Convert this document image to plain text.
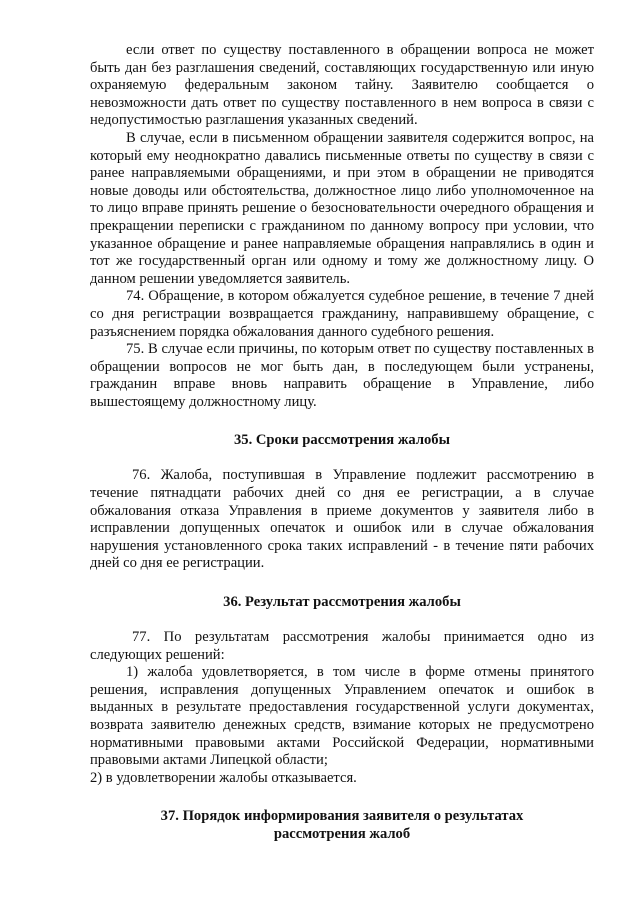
если ответ по существу поставленного в обращении вопроса не может быть дан без разглашения сведений, составляющих государственную или иную охраняемую федеральным законом тайну. Заявителю сообщается о невозможности дать ответ по существу поставленного в нем вопроса в связи с недопустимостью разглашения указанных сведений.

В случае, если в письменном обращении заявителя содержится вопрос, на который ему неоднократно давались письменные ответы по существу в связи с ранее направляемыми обращениями, и при этом в обращении не приводятся новые доводы или обстоятельства, должностное лицо либо уполномоченное на то лицо вправе принять решение о безосновательности очередного обращения и прекращении переписки с гражданином по данному вопросу при условии, что указанное обращение и ранее направляемые обращения направлялись в один и тот же государственный орган или одному и тому же должностному лицу. О данном решении уведомляется заявитель.

74. Обращение, в котором обжалуется судебное решение, в течение 7 дней со дня регистрации возвращается гражданину, направившему обращение, с разъяснением порядка обжалования данного судебного решения.

75. В случае если причины, по которым ответ по существу поставленных в обращении вопросов не мог быть дан, в последующем были устранены, гражданин вправе вновь направить обращение в Управление, либо вышестоящему должностному лицу.

35. Сроки рассмотрения жалобы

76. Жалоба, поступившая в Управление подлежит рассмотрению в течение пятнадцати рабочих дней со дня ее регистрации, а в случае обжалования отказа Управления в приеме документов у заявителя либо в исправлении допущенных опечаток и ошибок или в случае обжалования нарушения установленного срока таких исправлений - в течение пяти рабочих дней со дня ее регистрации.

36. Результат рассмотрения жалобы

77. По результатам рассмотрения жалобы принимается одно из следующих решений:

1) жалоба удовлетворяется, в том числе в форме отмены принятого решения, исправления допущенных Управлением опечаток и ошибок в выданных в результате предоставления государственной услуги документах, возврата заявителю денежных средств, взимание которых не предусмотрено нормативными правовыми актами Российской Федерации, нормативными правовыми актами Липецкой области;

2) в удовлетворении жалобы отказывается.

37. Порядок информирования заявителя о результатах
рассмотрения жалоб
